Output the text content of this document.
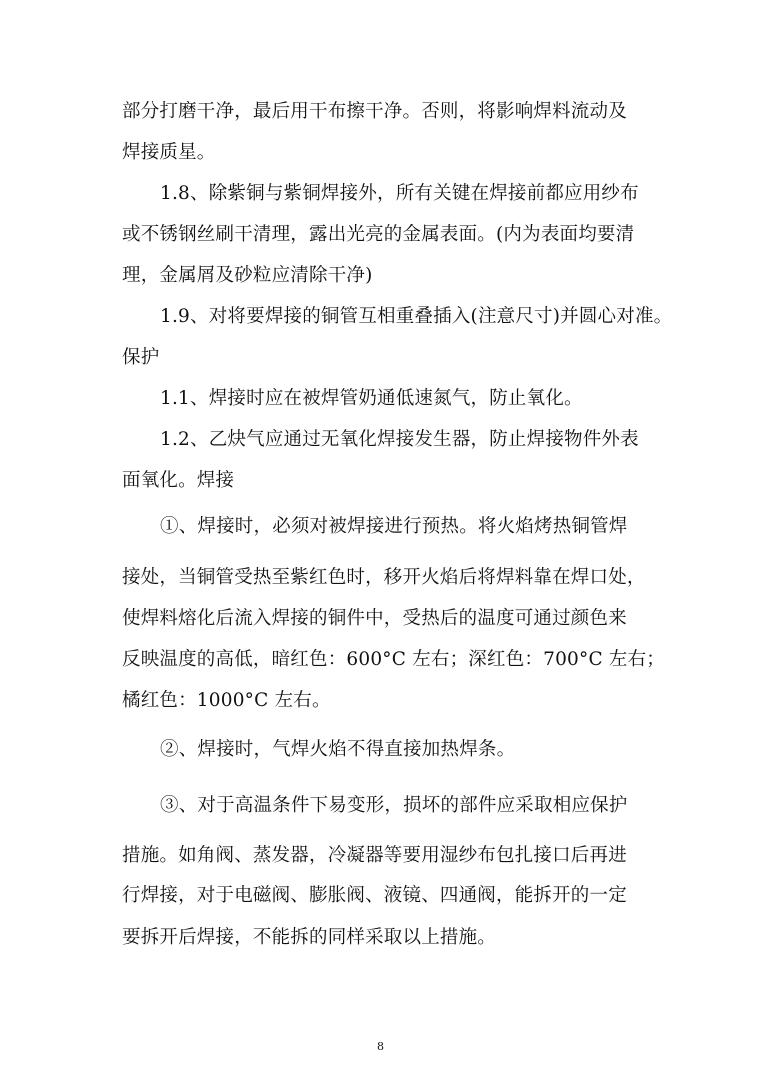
部分打磨干净，最后用干布擦干净。否则，将影响焊料流动及
焊接质星。
1.8、除紫铜与紫铜焊接外，所有关键在焊接前都应用纱布
或不锈钢丝刷干清理，露出光亮的金属表面。(内为表面均要清
理，金属屑及砂粒应清除干净)
1.9、对将要焊接的铜管互相重叠插入(注意尺寸)并圆心对准。
保护
1.1、焊接时应在被焊管奶通低速氮气，防止氧化。
1.2、乙炔气应通过无氧化焊接发生器，防止焊接物件外表
面氧化。焊接
①、焊接时，必须对被焊接进行预热。将火焰烤热铜管焊
接处，当铜管受热至紫红色时，移开火焰后将焊料靠在焊口处，
使焊料熔化后流入焊接的铜件中，受热后的温度可通过颜色来
反映温度的高低，暗红色：600°C 左右；深红色：700°C 左右；
橘红色：1000°C 左右。
②、焊接时，气焊火焰不得直接加热焊条。
③、对于高温条件下易变形，损坏的部件应采取相应保护
措施。如角阀、蒸发器，冷凝器等要用湿纱布包扎接口后再进
行焊接，对于电磁阀、膨胀阀、液镜、四通阀，能拆开的一定
要拆开后焊接，不能拆的同样采取以上措施。
8
